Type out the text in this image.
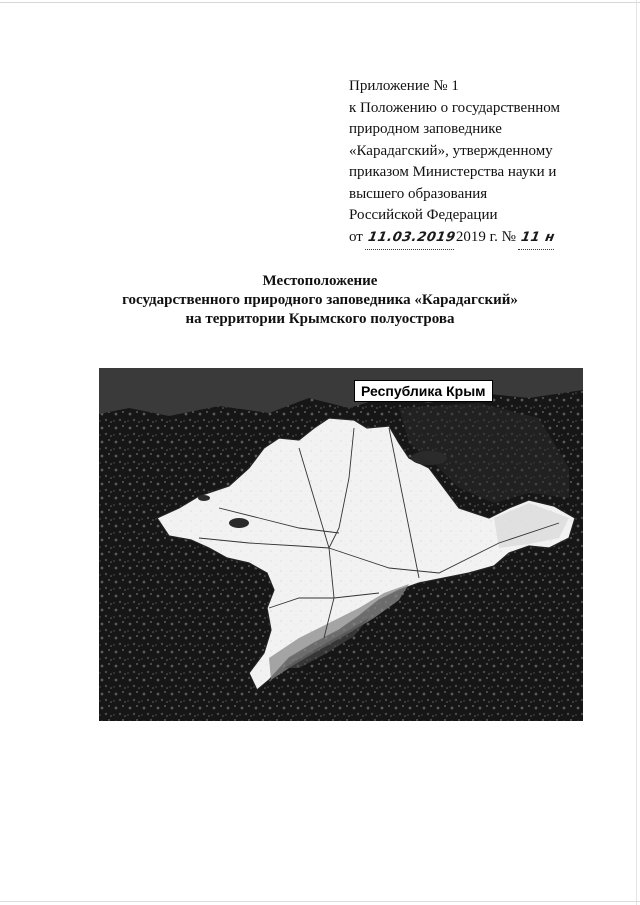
Приложение № 1
к Положению о государственном
природном заповеднике
«Карадагский», утвержденному
приказом Министерства науки и
высшего образования
Российской Федерации
от 11.03.20192019 г. № 11 н
Местоположение
государственного природного заповедника «Карадагский»
на территории Крымского полуострова
Республика Крым
